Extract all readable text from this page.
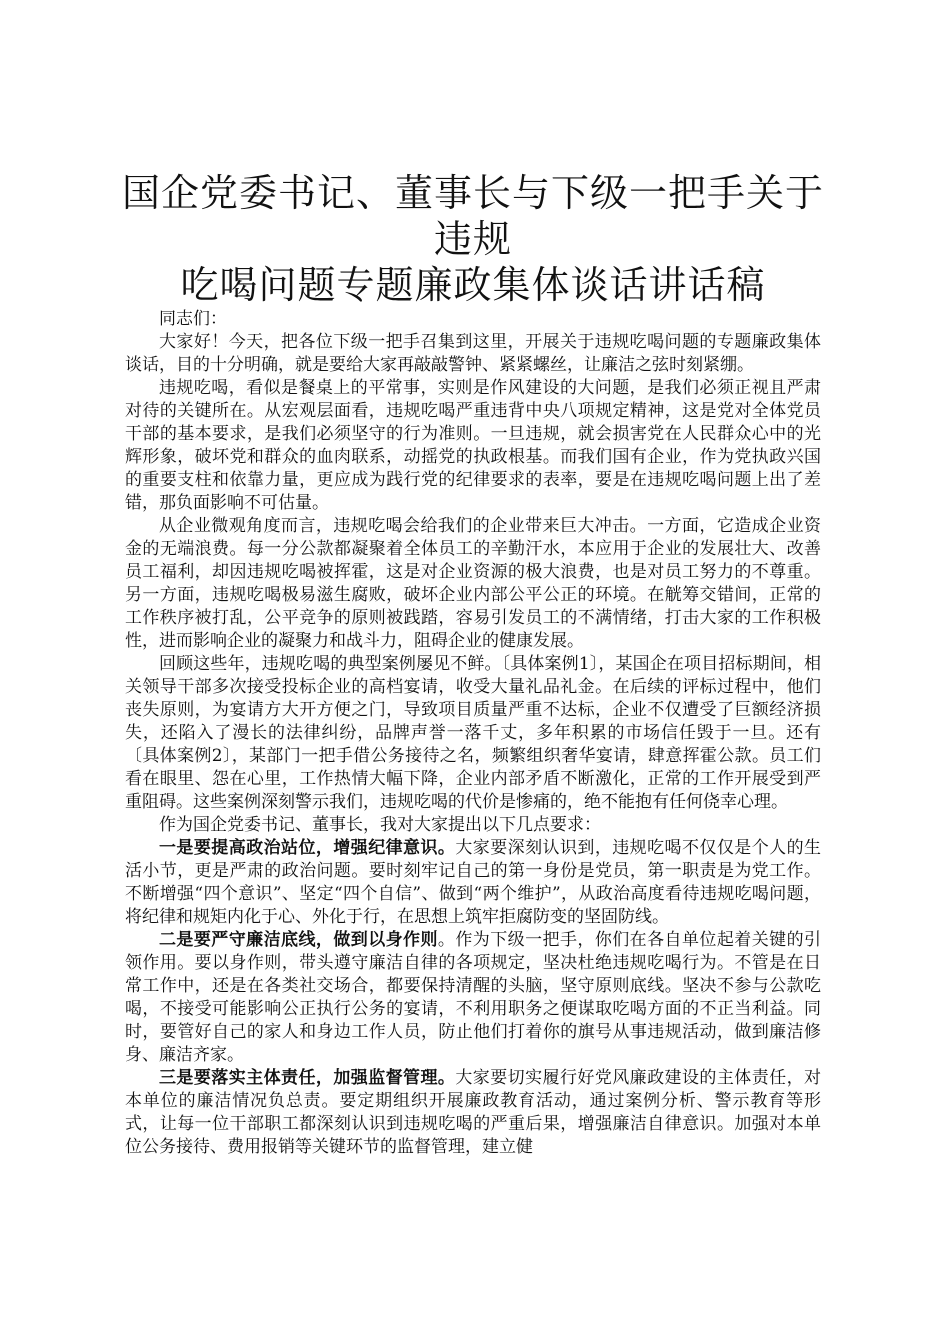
国企党委书记、董事长与下级一把手关于违规
吃喝问题专题廉政集体谈话讲话稿

同志们：

大家好！今天，把各位下级一把手召集到这里，开展关于违规吃喝问题的专题廉政集体谈话，目的十分明确，就是要给大家再敲敲警钟、紧紧螺丝，让廉洁之弦时刻紧绷。

违规吃喝，看似是餐桌上的平常事，实则是作风建设的大问题，是我们必须正视且严肃对待的关键所在。从宏观层面看，违规吃喝严重违背中央八项规定精神，这是党对全体党员干部的基本要求，是我们必须坚守的行为准则。一旦违规，就会损害党在人民群众心中的光辉形象，破坏党和群众的血肉联系，动摇党的执政根基。而我们国有企业，作为党执政兴国的重要支柱和依靠力量，更应成为践行党的纪律要求的表率，要是在违规吃喝问题上出了差错，那负面影响不可估量。

从企业微观角度而言，违规吃喝会给我们的企业带来巨大冲击。一方面，它造成企业资金的无端浪费。每一分公款都凝聚着全体员工的辛勤汗水，本应用于企业的发展壮大、改善员工福利，却因违规吃喝被挥霍，这是对企业资源的极大浪费，也是对员工努力的不尊重。另一方面，违规吃喝极易滋生腐败，破坏企业内部公平公正的环境。在觥筹交错间，正常的工作秩序被打乱，公平竞争的原则被践踏，容易引发员工的不满情绪，打击大家的工作积极性，进而影响企业的凝聚力和战斗力，阻碍企业的健康发展。

回顾这些年，违规吃喝的典型案例屡见不鲜。〔具体案例1〕，某国企在项目招标期间，相关领导干部多次接受投标企业的高档宴请，收受大量礼品礼金。在后续的评标过程中，他们丧失原则，为宴请方大开方便之门，导致项目质量严重不达标，企业不仅遭受了巨额经济损失，还陷入了漫长的法律纠纷，品牌声誉一落千丈，多年积累的市场信任毁于一旦。还有〔具体案例2〕，某部门一把手借公务接待之名，频繁组织奢华宴请，肆意挥霍公款。员工们看在眼里、怨在心里，工作热情大幅下降，企业内部矛盾不断激化，正常的工作开展受到严重阻碍。这些案例深刻警示我们，违规吃喝的代价是惨痛的，绝不能抱有任何侥幸心理。

作为国企党委书记、董事长，我对大家提出以下几点要求：

一是要提高政治站位，增强纪律意识。大家要深刻认识到，违规吃喝不仅仅是个人的生活小节，更是严肃的政治问题。要时刻牢记自己的第一身份是党员，第一职责是为党工作。不断增强“四个意识”、坚定“四个自信”、做到“两个维护”，从政治高度看待违规吃喝问题，将纪律和规矩内化于心、外化于行，在思想上筑牢拒腐防变的坚固防线。

二是要严守廉洁底线，做到以身作则。作为下级一把手，你们在各自单位起着关键的引领作用。要以身作则，带头遵守廉洁自律的各项规定，坚决杜绝违规吃喝行为。不管是在日常工作中，还是在各类社交场合，都要保持清醒的头脑，坚守原则底线。坚决不参与公款吃喝，不接受可能影响公正执行公务的宴请，不利用职务之便谋取吃喝方面的不正当利益。同时，要管好自己的家人和身边工作人员，防止他们打着你的旗号从事违规活动，做到廉洁修身、廉洁齐家。

三是要落实主体责任，加强监督管理。大家要切实履行好党风廉政建设的主体责任，对本单位的廉洁情况负总责。要定期组织开展廉政教育活动，通过案例分析、警示教育等形式，让每一位干部职工都深刻认识到违规吃喝的严重后果，增强廉洁自律意识。加强对本单位公务接待、费用报销等关键环节的监督管理，建立健
